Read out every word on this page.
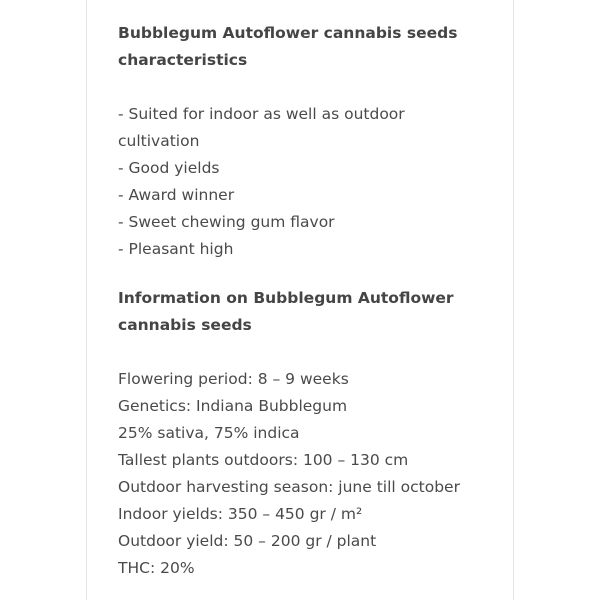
Bubblegum Autoflower cannabis seeds
characteristics

- Suited for indoor as well as outdoor

cultivation

- Good yields

- Award winner

- Sweet chewing gum flavor

- Pleasant high

Information on Bubblegum Autoflower
cannabis seeds

Flowering period: 8 – 9 weeks

Genetics: Indiana Bubblegum

25% sativa, 75% indica

Tallest plants outdoors: 100 – 130 cm

Outdoor harvesting season: june till october

Indoor yields: 350 – 450 gr / m²

Outdoor yield: 50 – 200 gr / plant

THC: 20%
